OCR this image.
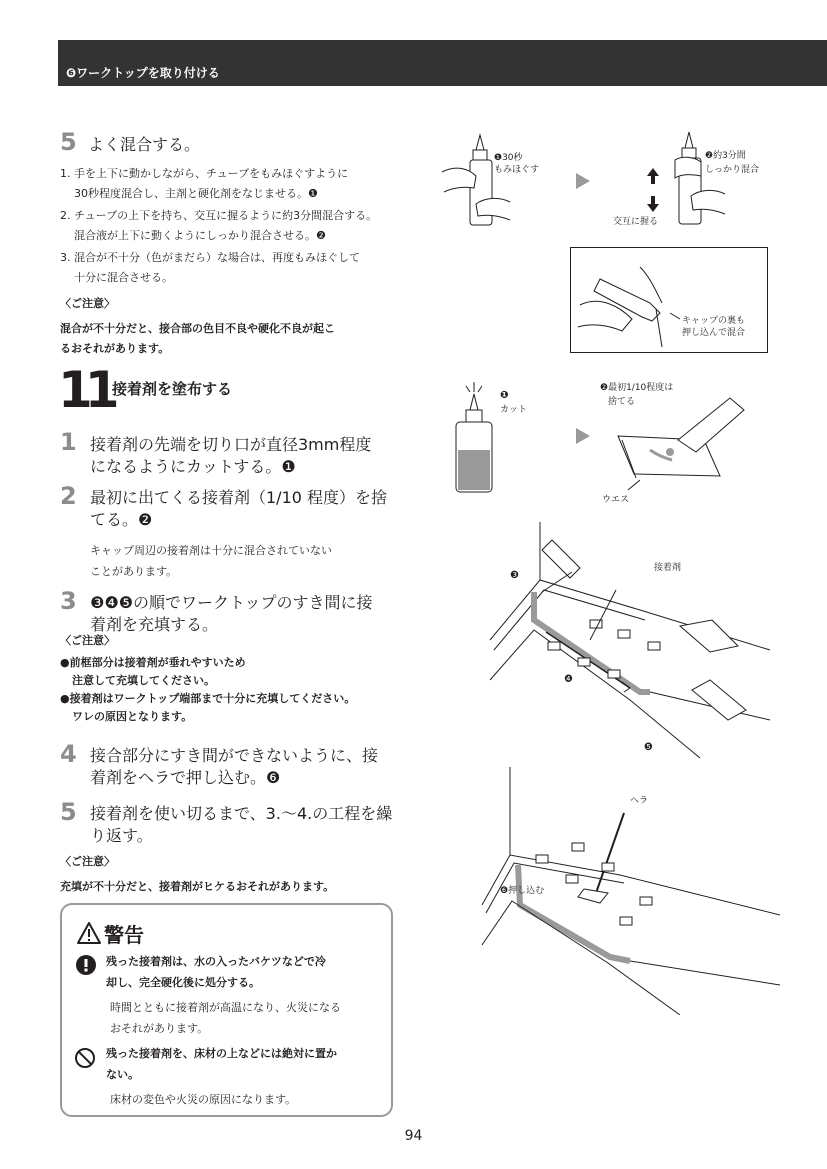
❻ワークトップを取り付ける
5 よく混合する。
1. 手を上下に動かしながら、チューブをもみほぐすように
30秒程度混合し、主剤と硬化剤をなじませる。❶
2. チューブの上下を持ち、交互に握るように約3分間混合する。
混合液が上下に動くようにしっかり混合させる。❷
3. 混合が不十分（色がまだら）な場合は、再度もみほぐして
十分に混合させる。
〈ご注意〉
混合が不十分だと、接合部の色目不良や硬化不良が起こ
るおそれがあります。
11 接着剤を塗布する
1 接着剤の先端を切り口が直径3mm程度
になるようにカットする。❶
2 最初に出てくる接着剤（1/10 程度）を捨
てる。❷

キャップ周辺の接着剤は十分に混合されていない

ことがあります。

3 ❸❹❺の順でワークトップのすき間に接
着剤を充填する。
〈ご注意〉
●前框部分は接着剤が垂れやすいため
注意して充填してください。
●接着剤はワークトップ端部まで十分に充填してください。
ワレの原因となります。
4 接合部分にすき間ができないように、接
着剤をヘラで押し込む。❻
5 接着剤を使い切るまで、3.〜4.の工程を繰
り返す。
〈ご注意〉
充填が不十分だと、接着剤がヒケるおそれがあります。
警告
残った接着剤は、水の入ったバケツなどで冷
却し、完全硬化後に処分する。
時間とともに接着剤が高温になり、火災になる
おそれがあります。
残った接着剤を、床材の上などには絶対に置か
ない。
床材の変色や火災の原因になります。
❶30秒
もみほぐす
❷約3分間
しっかり混合
交互に握る
キャップの裏も
押し込んで混合
❶
カット
❷最初1/10程度は
捨てる
ウエス
接着剤
❸
❹
❺
ヘラ
❻押し込む
94
